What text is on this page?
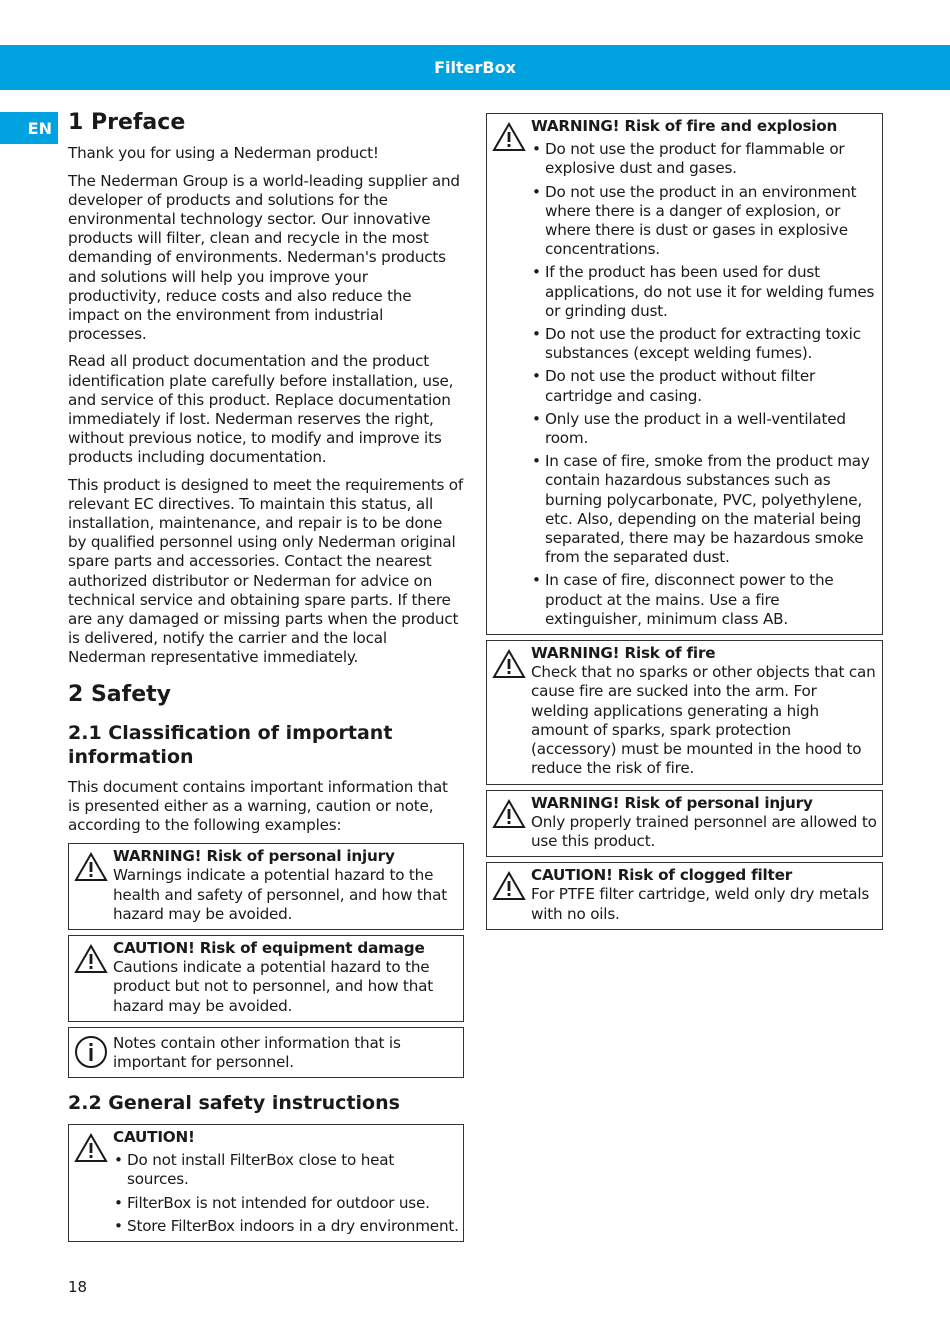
FilterBox
EN 1 Preface

Thank you for using a Nederman product!

The Nederman Group is a world-leading supplier and developer of products and solutions for the environmental technology sector. Our innovative products will filter, clean and recycle in the most demanding of environments. Nederman's products and solutions will help you improve your productivity, reduce costs and also reduce the impact on the environment from industrial processes.

Read all product documentation and the product identification plate carefully before installation, use, and service of this product. Replace documentation immediately if lost. Nederman reserves the right, without previous notice, to modify and improve its products including documentation.

This product is designed to meet the requirements of relevant EC directives. To maintain this status, all installation, maintenance, and repair is to be done by qualified personnel using only Nederman original spare parts and accessories. Contact the nearest authorized distributor or Nederman for advice on technical service and obtaining spare parts. If there are any damaged or missing parts when the product is delivered, notify the carrier and the local Nederman representative immediately.

2 Safety
2.1 Classification of important information

This document contains important information that is presented either as a warning, caution or note, according to the following examples:

WARNING! Risk of personal injury
Warnings indicate a potential hazard to the health and safety of personnel, and how that hazard may be avoided.
CAUTION! Risk of equipment damage
Cautions indicate a potential hazard to the product but not to personnel, and how that hazard may be avoided.
Notes contain other information that is important for personnel.
2.2 General safety instructions
CAUTION!
• Do not install FilterBox close to heat sources.
• FilterBox is not intended for outdoor use.
• Store FilterBox indoors in a dry environment.
WARNING! Risk of fire and explosion
• Do not use the product for flammable or explosive dust and gases.
• Do not use the product in an environment where there is a danger of explosion, or where there is dust or gases in explosive concentrations.
• If the product has been used for dust applications, do not use it for welding fumes or grinding dust.
• Do not use the product for extracting toxic substances (except welding fumes).
• Do not use the product without filter cartridge and casing.
• Only use the product in a well-ventilated room.
• In case of fire, smoke from the product may contain hazardous substances such as burning polycarbonate, PVC, polyethylene, etc. Also, depending on the material being separated, there may be hazardous smoke from the separated dust.
• In case of fire, disconnect power to the product at the mains. Use a fire extinguisher, minimum class AB.
WARNING! Risk of fire
Check that no sparks or other objects that can cause fire are sucked into the arm. For welding applications generating a high amount of sparks, spark protection (accessory) must be mounted in the hood to reduce the risk of fire.
WARNING! Risk of personal injury
Only properly trained personnel are allowed to use this product.
CAUTION! Risk of clogged filter
For PTFE filter cartridge, weld only dry metals with no oils.
18
